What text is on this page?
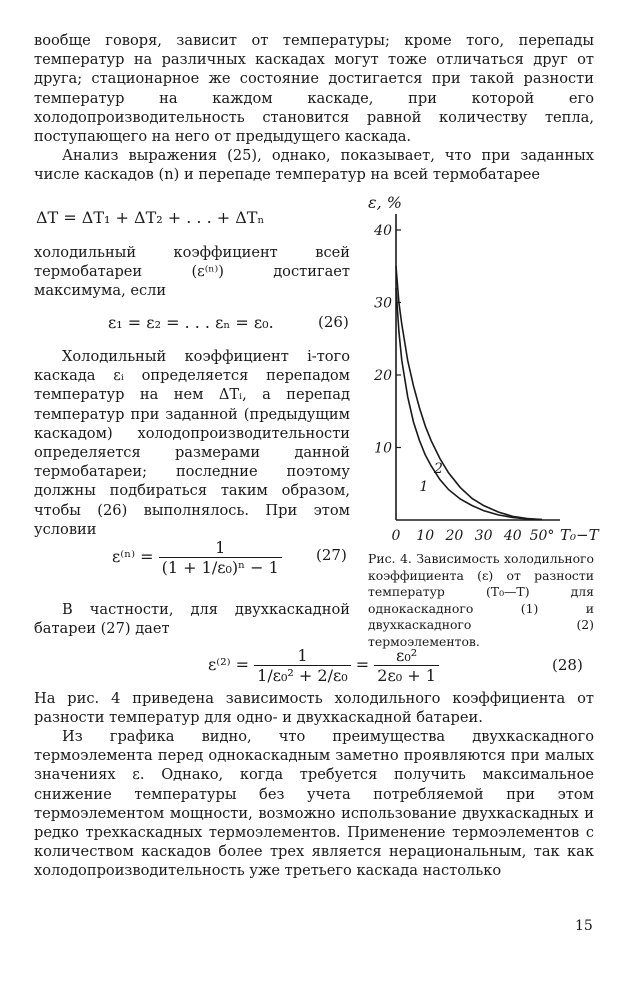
вообще говоря, зависит от температуры; кроме того, перепады температур на различных каскадах могут тоже отличаться друг от друга; стационарное же состояние достигается при такой разности температур на каждом каскаде, при которой его холодопроизводительность становится равной количеству тепла, поступающего на него от предыдущего каскада.

Анализ выражения (25), однако, показывает, что при заданных числе каскадов (n) и перепаде температур на всей термобатарее

ΔT = ΔT₁ + ΔT₂ + . . . + ΔTₙ

холодильный коэффициент всей термобатареи (ε⁽ⁿ⁾) достигает максимума, если

ε₁ = ε₂ = . . . εₙ = ε₀.	(26)

Холодильный коэффициент i-того каскада εᵢ определяется перепадом температур на нем ΔTᵢ, а перепад температур при заданной (предыдущим каскадом) холодопроизводительности определяется размерами данной термобатареи; последние поэтому должны подбираться таким образом, чтобы (26) выполнялось. При этом условии

$\varepsilon^{(n)} = \frac{1}{\text{(1 + 1/ε₀)ⁿ − 1}} (27)$

В частности, для двухкаскадной батареи (27) дает

$\varepsilon^{(2)} = \frac{1}{\text{1/ε₀² + 2/ε₀}} = \frac{\text{ε₀²}}{\text{2ε₀ + 1}}$	(28)

На рис. 4 приведена зависимость холодильного коэффициента от разности температур для одно- и двухкаскадной батареи.

Из графика видно, что преимущества двухкаскадного термоэлемента перед однокаскадным заметно проявляются при малых значениях ε. Однако, когда требуется получить максимальное снижение температуры без учета потребляемой при этом термоэлементом мощности, возможно использование двухкаскадных и редко трехкаскадных термоэлементов. Применение термоэлементов с количеством каскадов более трех является нерациональным, так как холодопроизводительность уже третьего каскада настолько

10
20
30
40
0 10 20 30 40 50°
1
2
ε, %
T₀−T

Рис. 4. Зависимость холодильного коэффициента (ε) от разности температур (T₀—T) для однокаскадного (1) и двухкаскадного (2) термоэлементов.

15
